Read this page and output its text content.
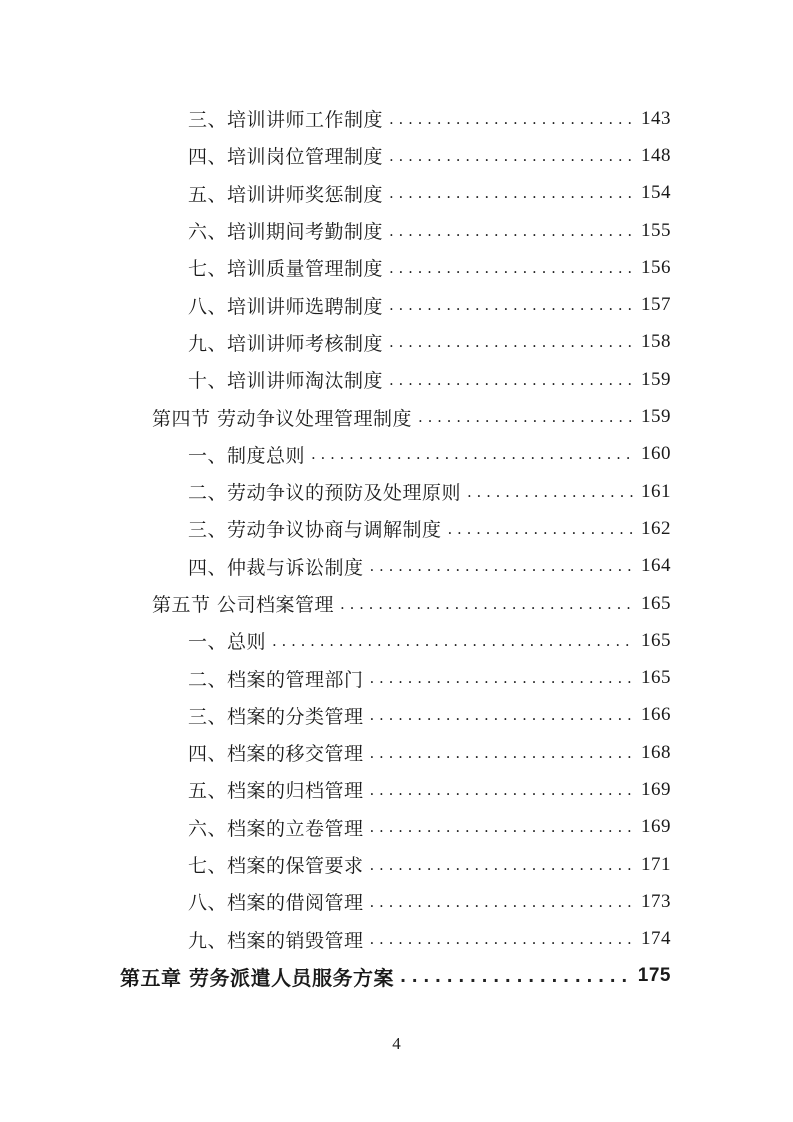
三、培训讲师工作制度 . . .	143
四、培训岗位管理制度 . . .	148
五、培训讲师奖惩制度 . . .	154
六、培训期间考勤制度 . . .	155
七、培训质量管理制度 . . .	156
八、培训讲师选聘制度 . . .	157
九、培训讲师考核制度 . . .	158
十、培训讲师淘汰制度 . . .	159
第四节 劳动争议处理管理制度 . . .	159
一、制度总则 . . .	160
二、劳动争议的预防及处理原则 . . .	161
三、劳动争议协商与调解制度 . . .	162
四、仲裁与诉讼制度 . . .	164
第五节 公司档案管理 . . .	165
一、总则 . . .	165
二、档案的管理部门 . . .	165
三、档案的分类管理 . . .	166
四、档案的移交管理 . . .	168
五、档案的归档管理 . . .	169
六、档案的立卷管理 . . .	169
七、档案的保管要求 . . .	171
八、档案的借阅管理 . . .	173
九、档案的销毁管理 . . .	174
第五章 劳务派遣人员服务方案 . . .	175
4
